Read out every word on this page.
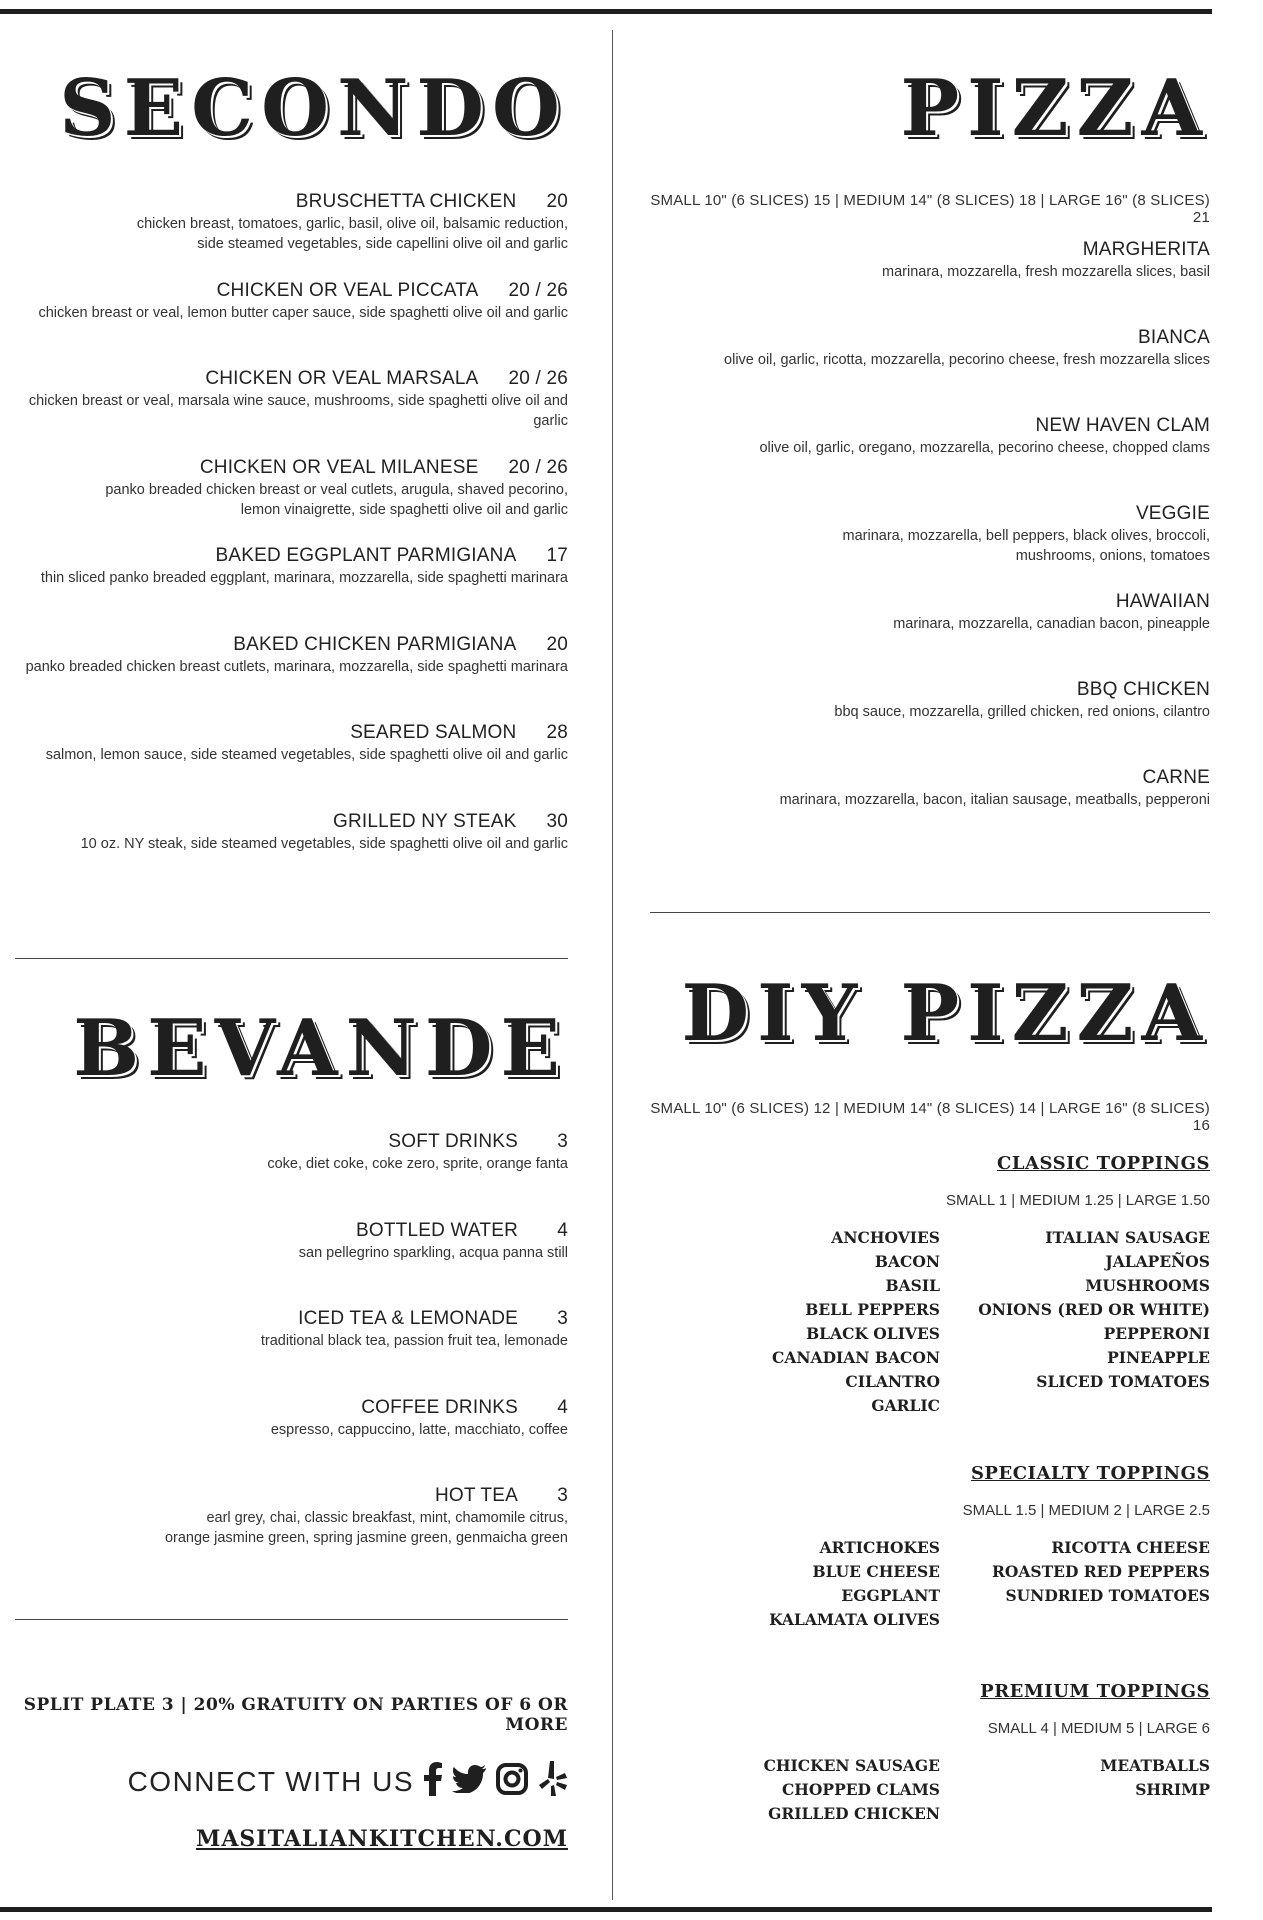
SECONDO
BRUSCHETTA CHICKEN 20
chicken breast, tomatoes, garlic, basil, olive oil, balsamic reduction,
side steamed vegetables, side capellini olive oil and garlic
CHICKEN OR VEAL PICCATA 20 / 26
chicken breast or veal, lemon butter caper sauce, side spaghetti olive oil and garlic
CHICKEN OR VEAL MARSALA 20 / 26
chicken breast or veal, marsala wine sauce, mushrooms, side spaghetti olive oil and garlic
CHICKEN OR VEAL MILANESE 20 / 26
panko breaded chicken breast or veal cutlets, arugula, shaved pecorino,
lemon vinaigrette, side spaghetti olive oil and garlic
BAKED EGGPLANT PARMIGIANA 17
thin sliced panko breaded eggplant, marinara, mozzarella, side spaghetti marinara
BAKED CHICKEN PARMIGIANA 20
panko breaded chicken breast cutlets, marinara, mozzarella, side spaghetti marinara
SEARED SALMON 28
salmon, lemon sauce, side steamed vegetables, side spaghetti olive oil and garlic
GRILLED NY STEAK 30
10 oz. NY steak, side steamed vegetables, side spaghetti olive oil and garlic
BEVANDE
SOFT DRINKS 3
coke, diet coke, coke zero, sprite, orange fanta
BOTTLED WATER 4
san pellegrino sparkling, acqua panna still
ICED TEA & LEMONADE 3
traditional black tea, passion fruit tea, lemonade
COFFEE DRINKS 4
espresso, cappuccino, latte, macchiato, coffee
HOT TEA 3
earl grey, chai, classic breakfast, mint, chamomile citrus,
orange jasmine green, spring jasmine green, genmaicha green
SPLIT PLATE 3 | 20% GRATUITY ON PARTIES OF 6 OR MORE
CONNECT WITH US
MASITALIANKITCHEN.COM
PIZZA
SMALL 10" (6 SLICES) 15 | MEDIUM 14" (8 SLICES) 18 | LARGE 16" (8 SLICES) 21
MARGHERITA
marinara, mozzarella, fresh mozzarella slices, basil
BIANCA
olive oil, garlic, ricotta, mozzarella, pecorino cheese, fresh mozzarella slices
NEW HAVEN CLAM
olive oil, garlic, oregano, mozzarella, pecorino cheese, chopped clams
VEGGIE
marinara, mozzarella, bell peppers, black olives, broccoli,
mushrooms, onions, tomatoes
HAWAIIAN
marinara, mozzarella, canadian bacon, pineapple
BBQ CHICKEN
bbq sauce, mozzarella, grilled chicken, red onions, cilantro
CARNE
marinara, mozzarella, bacon, italian sausage, meatballs, pepperoni
DIY PIZZA
SMALL 10" (6 SLICES) 12 | MEDIUM 14" (8 SLICES) 14 | LARGE 16" (8 SLICES) 16
CLASSIC TOPPINGS
SMALL 1 | MEDIUM 1.25 | LARGE 1.50
ANCHOVIES
BACON
BASIL
BELL PEPPERS
BLACK OLIVES
CANADIAN BACON
CILANTRO
GARLIC
ITALIAN SAUSAGE
JALAPEÑOS
MUSHROOMS
ONIONS (RED OR WHITE)
PEPPERONI
PINEAPPLE
SLICED TOMATOES
SPECIALTY TOPPINGS
SMALL 1.5 | MEDIUM 2 | LARGE 2.5
ARTICHOKES
BLUE CHEESE
EGGPLANT
KALAMATA OLIVES
RICOTTA CHEESE
ROASTED RED PEPPERS
SUNDRIED TOMATOES
PREMIUM TOPPINGS
SMALL 4 | MEDIUM 5 | LARGE 6
CHICKEN SAUSAGE
CHOPPED CLAMS
GRILLED CHICKEN
MEATBALLS
SHRIMP
